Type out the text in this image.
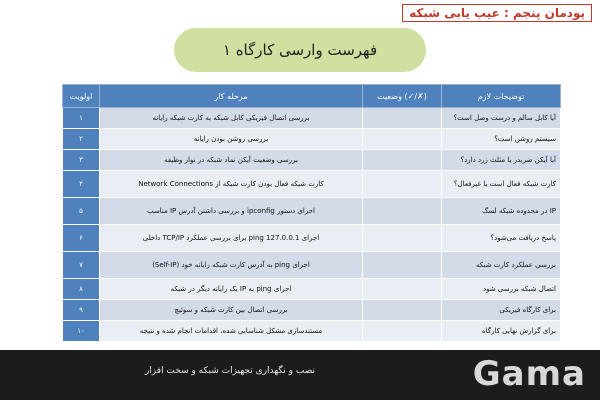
پودمان پنجم : عیب یابی شبکه
فهرست وارسی کارگاه ۱
اولویت	مرحله کار	وضعیت (✓/✗)	توضیحات لازم
۱	بررسی اتصال فیزیکی کابل شبکه به کارت شبکه رایانه		آیا کابل سالم و درست وصل است؟
۲	بررسی روشن بودن رایانه		سیستم روشن است؟
۳	بررسی وضعیت آیکن نماد شبکه در نوار وظیفه		آیا آیکن ضربدر یا مثلث زرد دارد؟
۴	کارت شبکه فعال بودن کارت شبکه از Network Connections		کارت شبکه فعال است یا غیرفعال؟
۵	اجرای دستور ipconfig و بررسی داشتن آدرس IP مناسب		IP در محدوده شبکه لسگ
۶	اجرای ping 127.0.0.1 برای بررسی عملکرد TCP/IP داخلی		پاسخ دریافت می‌شود؟
۷	اجرای ping به آدرس کارت شبکه رایانه خود (Self-IP)		بررسی عملکرد کارت شبکه
۸	اجرای ping به IP یک رایانه دیگر در شبکه		اتصال شبکه بررسی شود
۹	بررسی اتصال بین کارت شبکه و سوئیچ		برای کارگاه فیزیکی
۱۰	مستندسازی مشکل شناسایی شده، اقدامات انجام شده و نتیجه		برای گزارش نهایی کارگاه
نصب و نگهداری تجهیزات شبکه و سخت افزار	Gama
